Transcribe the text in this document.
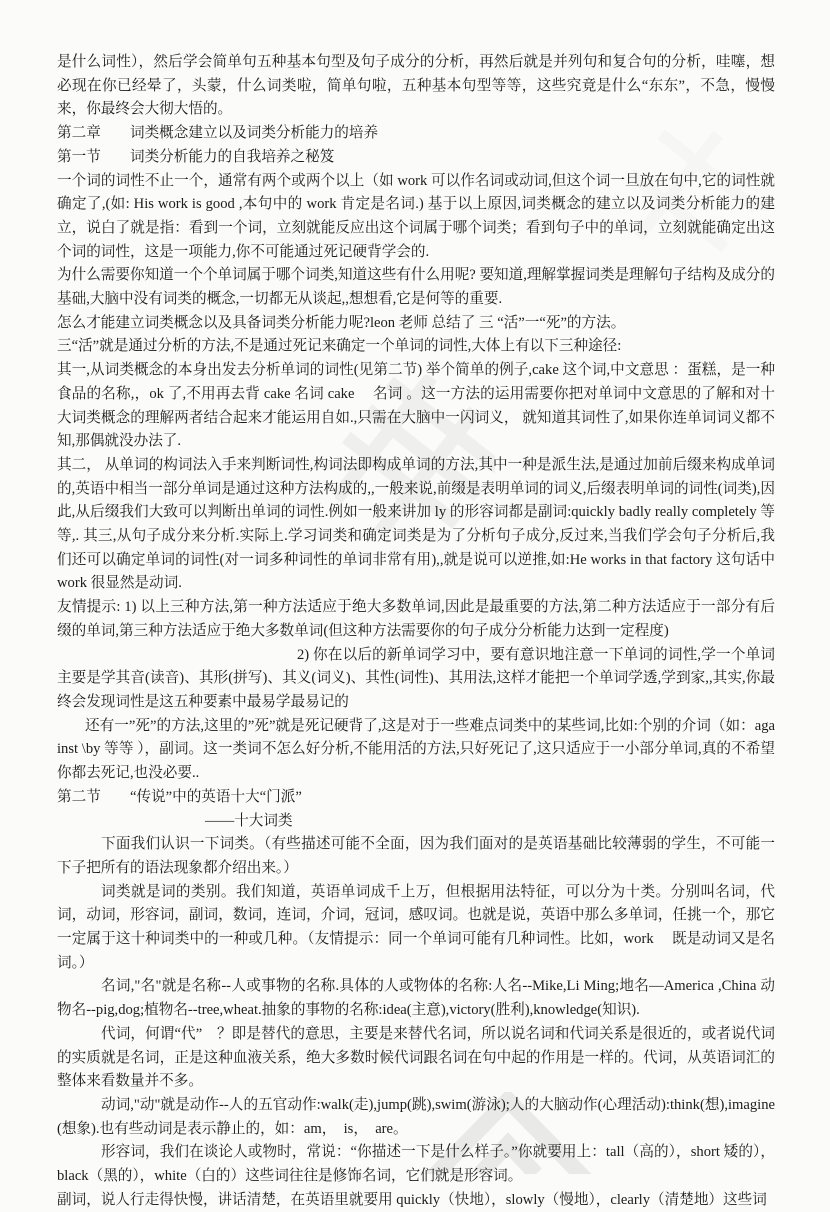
是什么词性），然后学会简单句五种基本句型及句子成分的分析，再然后就是并列句和复合句的分析，哇噻，想必现在你已经晕了，头蒙，什么词类啦，简单句啦，五种基本句型等等，这些究竟是什么“东东”，不急，慢慢来，你最终会大彻大悟的。

第二章　　词类概念建立以及词类分析能力的培养

第一节　　词类分析能力的自我培养之秘笈

一个词的词性不止一个，通常有两个或两个以上（如 work 可以作名词或动词,但这个词一旦放在句中,它的词性就确定了,(如: His work is good ,本句中的 work 肯定是名词.) 基于以上原因,词类概念的建立以及词类分析能力的建立，说白了就是指：看到一个词，立刻就能反应出这个词属于哪个词类；看到句子中的单词，立刻就能确定出这个词的词性，这是一项能力,你不可能通过死记硬背学会的.

为什么需要你知道一个个单词属于哪个词类,知道这些有什么用呢? 要知道,理解掌握词类是理解句子结构及成分的基础,大脑中没有词类的概念,一切都无从谈起,,想想看,它是何等的重要.

怎么才能建立词类概念以及具备词类分析能力呢?leon 老师 总结了 三 “活”一“死”的方法。

三“活”就是通过分析的方法,不是通过死记来确定一个单词的词性,大体上有以下三种途径:

其一,从词类概念的本身出发去分析单词的词性(见第二节) 举个简单的例子,cake 这个词,中文意思 ：蛋糕，是一种食品的名称,，ok 了,不用再去背 cake 名词 cake 　名词 。这一方法的运用需要你把对单词中文意思的了解和对十大词类概念的理解两者结合起来才能运用自如.,只需在大脑中一闪词义， 就知道其词性了,如果你连单词词义都不知,那偶就没办法了.

其二， 从单词的构词法入手来判断词性,构词法即构成单词的方法,其中一种是派生法,是通过加前后缀来构成单词的,英语中相当一部分单词是通过这种方法构成的,,一般来说,前缀是表明单词的词义,后缀表明单词的词性(词类),因此,从后缀我们大致可以判断出单词的词性.例如一般来讲加 ly 的形容词都是副词:quickly badly really completely 等等,. 其三,从句子成分来分析.实际上.学习词类和确定词类是为了分析句子成分,反过来,当我们学会句子分析后,我们还可以确定单词的词性(对一词多种词性的单词非常有用),,就是说可以逆推,如:He works in that factory 这句话中 work 很显然是动词.

友情提示: 1) 以上三种方法,第一种方法适应于绝大多数单词,因此是最重要的方法,第二种方法适应于一部分有后缀的单词,第三种方法适应于绝大多数单词(但这种方法需要你的句子成分分析能力达到一定程度)

2) 你在以后的新单词学习中，要有意识地注意一下单词的词性,学一个单词主要是学其音(读音)、其形(拼写)、其义(词义)、其性(词性)、其用法,这样才能把一个单词学透,学到家,,其实,你最终会发现词性是这五种要素中最易学最易记的

还有一”死”的方法,这里的”死”就是死记硬背了,这是对于一些难点词类中的某些词,比如:个别的介词（如：against \by 等等 ），副词。这一类词不怎么好分析,不能用活的方法,只好死记了,这只适应于一小部分单词,真的不希望你都去死记,也没必要..

第二节　　“传说”中的英语十大“门派”

——十大词类

下面我们认识一下词类。（有些描述可能不全面，因为我们面对的是英语基础比较薄弱的学生，不可能一下子把所有的语法现象都介绍出来。）

词类就是词的类别。我们知道，英语单词成千上万，但根据用法特征，可以分为十类。分别叫名词，代词，动词，形容词，副词，数词，连词，介词，冠词，感叹词。也就是说，英语中那么多单词，任挑一个，那它一定属于这十种词类中的一种或几种。（友情提示：同一个单词可能有几种词性。比如，work 　既是动词又是名词。）

名词,"名"就是名称--人或事物的名称.具体的人或物体的名称:人名--Mike,Li Ming;地名—America ,China 动物名--pig,dog;植物名--tree,wheat.抽象的事物的名称:idea(主意),victory(胜利),knowledge(知识).

代词，何谓“代”　？即是替代的意思，主要是来替代名词，所以说名词和代词关系是很近的，或者说代词的实质就是名词，正是这种血液关系，绝大多数时候代词跟名词在句中起的作用是一样的。代词，从英语词汇的整体来看数量并不多。

动词,"动"就是动作--人的五官动作:walk(走),jump(跳),swim(游泳);人的大脑动作(心理活动):think(想),imagine(想象).也有些动词是表示静止的，如：am，　is，　are。

形容词，我们在谈论人或物时，常说：“你描述一下是什么样子。”你就要用上：tall（高的），short 矮的），black（黑的），white（白的）这些词往往是修饰名词，它们就是形容词。

副词，说人行走得快慢，讲话清楚，在英语里就要用 quickly（快地），slowly（慢地），clearly（清楚地）这些词
